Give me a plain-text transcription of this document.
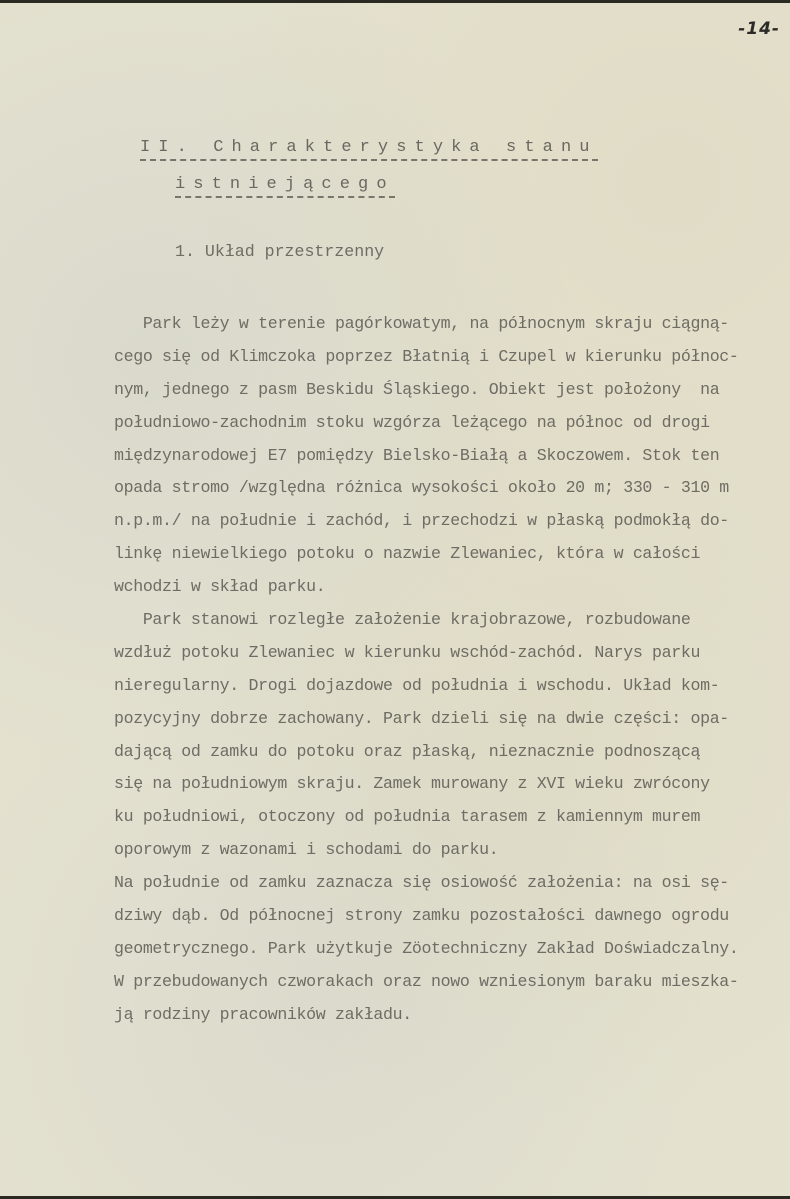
-14-
II. Charakterystyka stanu
istniejącego
1. Układ przestrzenny
Park leży w terenie pagórkowatym, na północnym skraju ciągną-
cego się od Klimczoka poprzez Błatnią i Czupel w kierunku północ-
nym, jednego z pasm Beskidu Śląskiego. Obiekt jest położony  na
południowo-zachodnim stoku wzgórza leżącego na północ od drogi
międzynarodowej E7 pomiędzy Bielsko-Białą a Skoczowem. Stok ten
opada stromo /względna różnica wysokości około 20 m; 330 - 310 m
n.p.m./ na południe i zachód, i przechodzi w płaską podmokłą do-
linkę niewielkiego potoku o nazwie Zlewaniec, która w całości
wchodzi w skład parku.
Park stanowi rozległe założenie krajobrazowe, rozbudowane
wzdłuż potoku Zlewaniec w kierunku wschód-zachód. Narys parku
nieregularny. Drogi dojazdowe od południa i wschodu. Układ kom-
pozycyjny dobrze zachowany. Park dzieli się na dwie części: opa-
dającą od zamku do potoku oraz płaską, nieznacznie podnoszącą
się na południowym skraju. Zamek murowany z XVI wieku zwrócony
ku południowi, otoczony od południa tarasem z kamiennym murem
oporowym z wazonami i schodami do parku.
Na południe od zamku zaznacza się osiowość założenia: na osi sę-
dziwy dąb. Od północnej strony zamku pozostałości dawnego ogrodu
geometrycznego. Park użytkuje Zöotechniczny Zakład Doświadczalny.
W przebudowanych czworakach oraz nowo wzniesionym baraku mieszka-
ją rodziny pracowników zakładu.
